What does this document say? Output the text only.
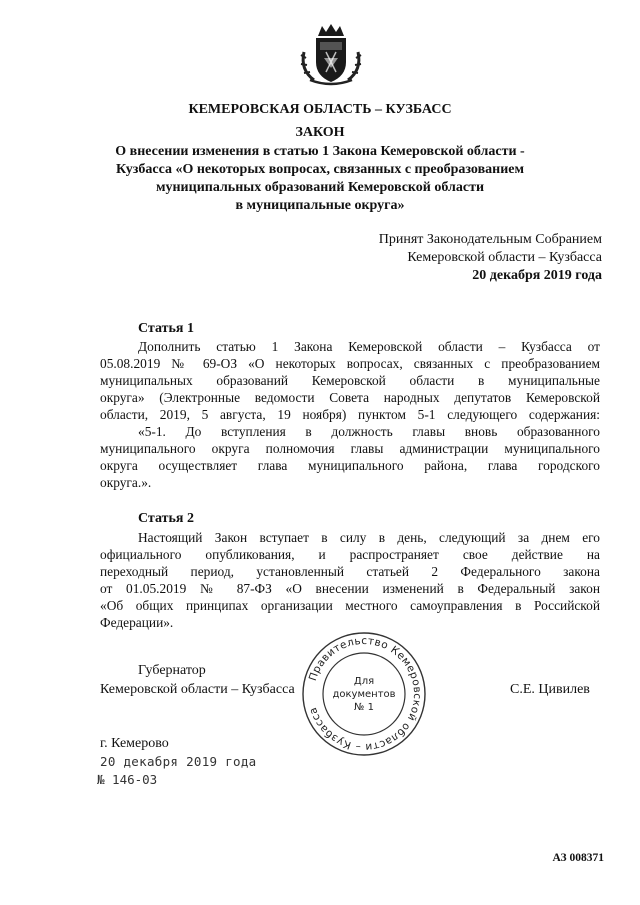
КЕМЕРОВСКАЯ ОБЛАСТЬ – КУЗБАСС
ЗАКОН
О внесении изменения в статью 1 Закона Кемеровской области -
Кузбасса «О некоторых вопросах, связанных с преобразованием
муниципальных образований Кемеровской области
в муниципальные округа»
Принят Законодательным Собранием
Кемеровской области – Кузбасса
20 декабря 2019 года
Статья 1
Дополнить статью 1 Закона Кемеровской области – Кузбасса от
05.08.2019 № 69-ОЗ «О некоторых вопросах, связанных с преобразованием
муниципальных образований Кемеровской области в муниципальные
округа» (Электронные ведомости Совета народных депутатов Кемеровской
области, 2019, 5 августа, 19 ноября) пунктом 5-1 следующего содержания:
«5-1. До вступления в должность главы вновь образованного
муниципального округа полномочия главы администрации муниципального
округа осуществляет глава муниципального района, глава городского
округа.».
Статья 2
Настоящий Закон вступает в силу в день, следующий за днем его
официального опубликования, и распространяет свое действие на
переходный период, установленный статьей 2 Федерального закона
от 01.05.2019 № 87-ФЗ «О внесении изменений в Федеральный закон
«Об общих принципах организации местного самоуправления в Российской
Федерации».
Губернатор
Кемеровской области – Кузбасса	С.Е. Цивилев
Правительство Кемеровской области – Кузбасса
Для
документов
№ 1
г. Кемерово
20 декабря 2019 года
№ 146-03
АЗ 008371
